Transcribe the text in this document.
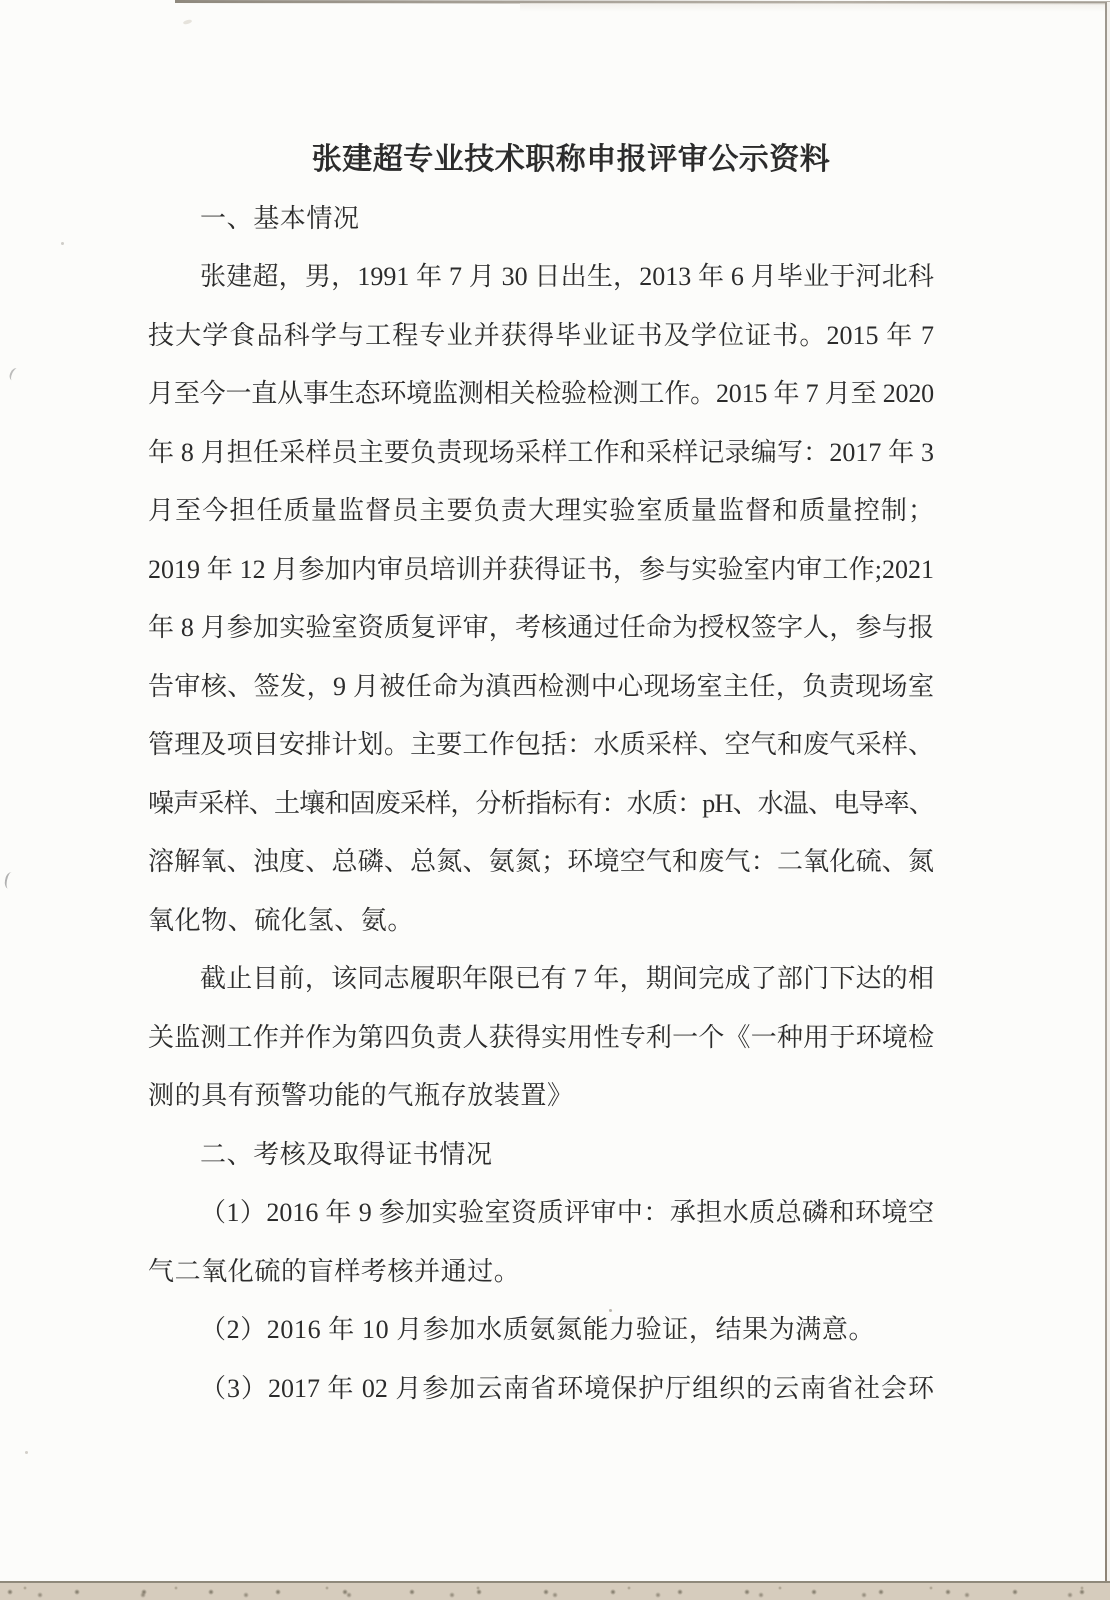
张建超专业技术职称申报评审公示资料
一、基本情况
张建超，男，1991 年 7 月 30 日出生，2013 年 6 月毕业于河北科
技大学食品科学与工程专业并获得毕业证书及学位证书。2015 年 7
月至今一直从事生态环境监测相关检验检测工作。2015 年 7 月至 2020
年 8 月担任采样员主要负责现场采样工作和采样记录编写：2017 年 3
月至今担任质量监督员主要负责大理实验室质量监督和质量控制；
2019 年 12 月参加内审员培训并获得证书，参与实验室内审工作;2021
年 8 月参加实验室资质复评审，考核通过任命为授权签字人，参与报
告审核、签发，9 月被任命为滇西检测中心现场室主任，负责现场室
管理及项目安排计划。主要工作包括：水质采样、空气和废气采样、
噪声采样、土壤和固废采样，分析指标有：水质：pH、水温、电导率、
溶解氧、浊度、总磷、总氮、氨氮；环境空气和废气：二氧化硫、氮
氧化物、硫化氢、氨。
截止目前，该同志履职年限已有 7 年，期间完成了部门下达的相
关监测工作并作为第四负责人获得实用性专利一个《一种用于环境检
测的具有预警功能的气瓶存放装置》
二、考核及取得证书情况
（1）2016 年 9 参加实验室资质评审中：承担水质总磷和环境空
气二氧化硫的盲样考核并通过。
（2）2016 年 10 月参加水质氨氮能力验证，结果为满意。
（3）2017 年 02 月参加云南省环境保护厅组织的云南省社会环
